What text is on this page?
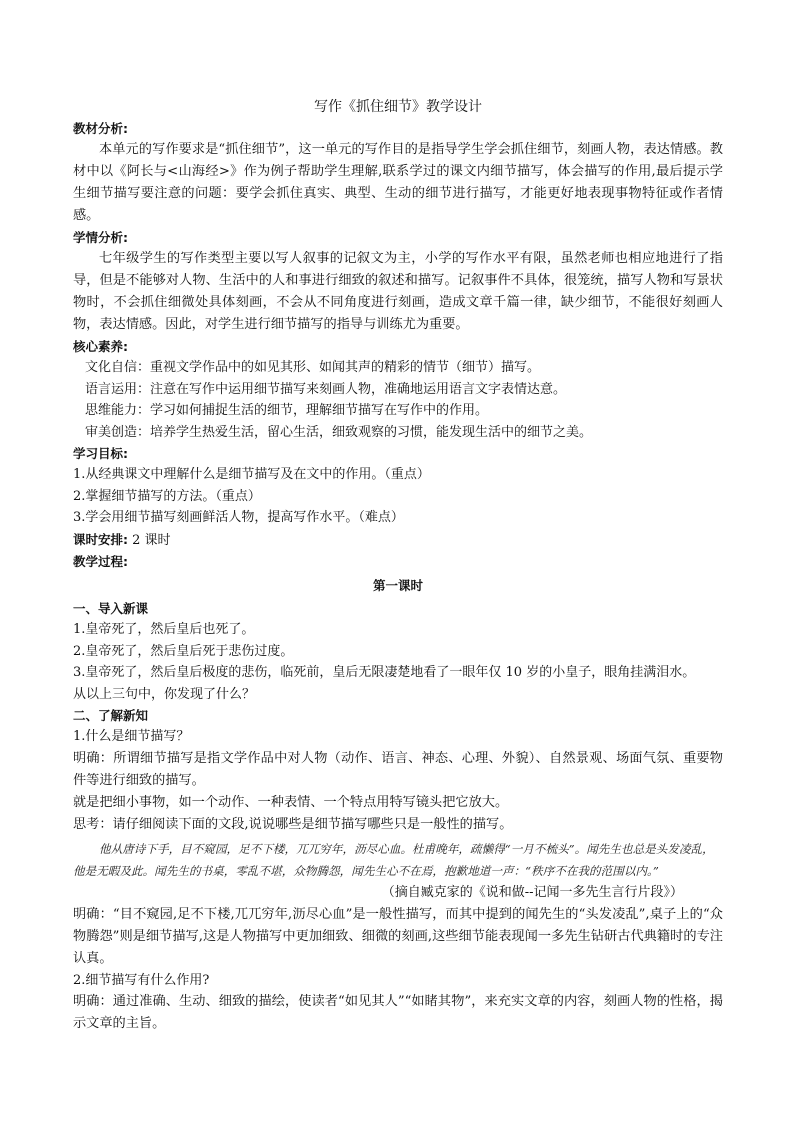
写作《抓住细节》教学设计
教材分析:

本单元的写作要求是“抓住细节”，这一单元的写作目的是指导学生学会抓住细节，刻画人物，表达情感。教材中以《阿长与<山海经>》作为例子帮助学生理解,联系学过的课文内细节描写，体会描写的作用,最后提示学生细节描写要注意的问题：要学会抓住真实、典型、生动的细节进行描写，才能更好地表现事物特征或作者情感。

学情分析:

七年级学生的写作类型主要以写人叙事的记叙文为主，小学的写作水平有限，虽然老师也相应地进行了指导，但是不能够对人物、生活中的人和事进行细致的叙述和描写。记叙事件不具体，很笼统，描写人物和写景状物时，不会抓住细微处具体刻画，不会从不同角度进行刻画，造成文章千篇一律，缺少细节，不能很好刻画人物，表达情感。因此，对学生进行细节描写的指导与训练尤为重要。

核心素养:

文化自信：重视文学作品中的如见其形、如闻其声的精彩的情节（细节）描写。

语言运用：注意在写作中运用细节描写来刻画人物，准确地运用语言文字表情达意。

思维能力：学习如何捕捉生活的细节，理解细节描写在写作中的作用。

审美创造：培养学生热爱生活，留心生活，细致观察的习惯，能发现生活中的细节之美。

学习目标:

1.从经典课文中理解什么是细节描写及在文中的作用。（重点）

2.掌握细节描写的方法。（重点）

3.学会用细节描写刻画鲜活人物，提高写作水平。（难点）

课时安排: 2 课时
教学过程:
第一课时
一、导入新课

1.皇帝死了，然后皇后也死了。

2.皇帝死了，然后皇后死于悲伤过度。

3.皇帝死了，然后皇后极度的悲伤，临死前，皇后无限凄楚地看了一眼年仅 10 岁的小皇子，眼角挂满泪水。

从以上三句中，你发现了什么？

二、了解新知

1.什么是细节描写？

明确：所谓细节描写是指文学作品中对人物（动作、语言、神态、心理、外貌）、自然景观、场面气氛、重要物件等进行细致的描写。

就是把细小事物，如一个动作、一种表情、一个特点用特写镜头把它放大。

思考：请仔细阅读下面的文段,说说哪些是细节描写哪些只是一般性的描写。

他从唐诗下手，目不窥园，足不下楼，兀兀穷年，沥尽心血。杜甫晚年，疏懒得“一月不梳头”。闻先生也总是头发凌乱，他是无暇及此。闻先生的书桌，零乱不堪，众物腾怨，闻先生心不在焉，抱歉地道一声：“秩序不在我的范围以内。”

（摘自臧克家的《说和做--记闻一多先生言行片段》）

明确：“目不窥园,足不下楼,兀兀穷年,沥尽心血”是一般性描写，而其中提到的闻先生的“头发凌乱”,桌子上的“众物腾怨”则是细节描写,这是人物描写中更加细致、细微的刻画,这些细节能表现闻一多先生钻研古代典籍时的专注认真。

2.细节描写有什么作用?

明确：通过准确、生动、细致的描绘，使读者“如见其人”“如睹其物”，来充实文章的内容，刻画人物的性格，揭示文章的主旨。
